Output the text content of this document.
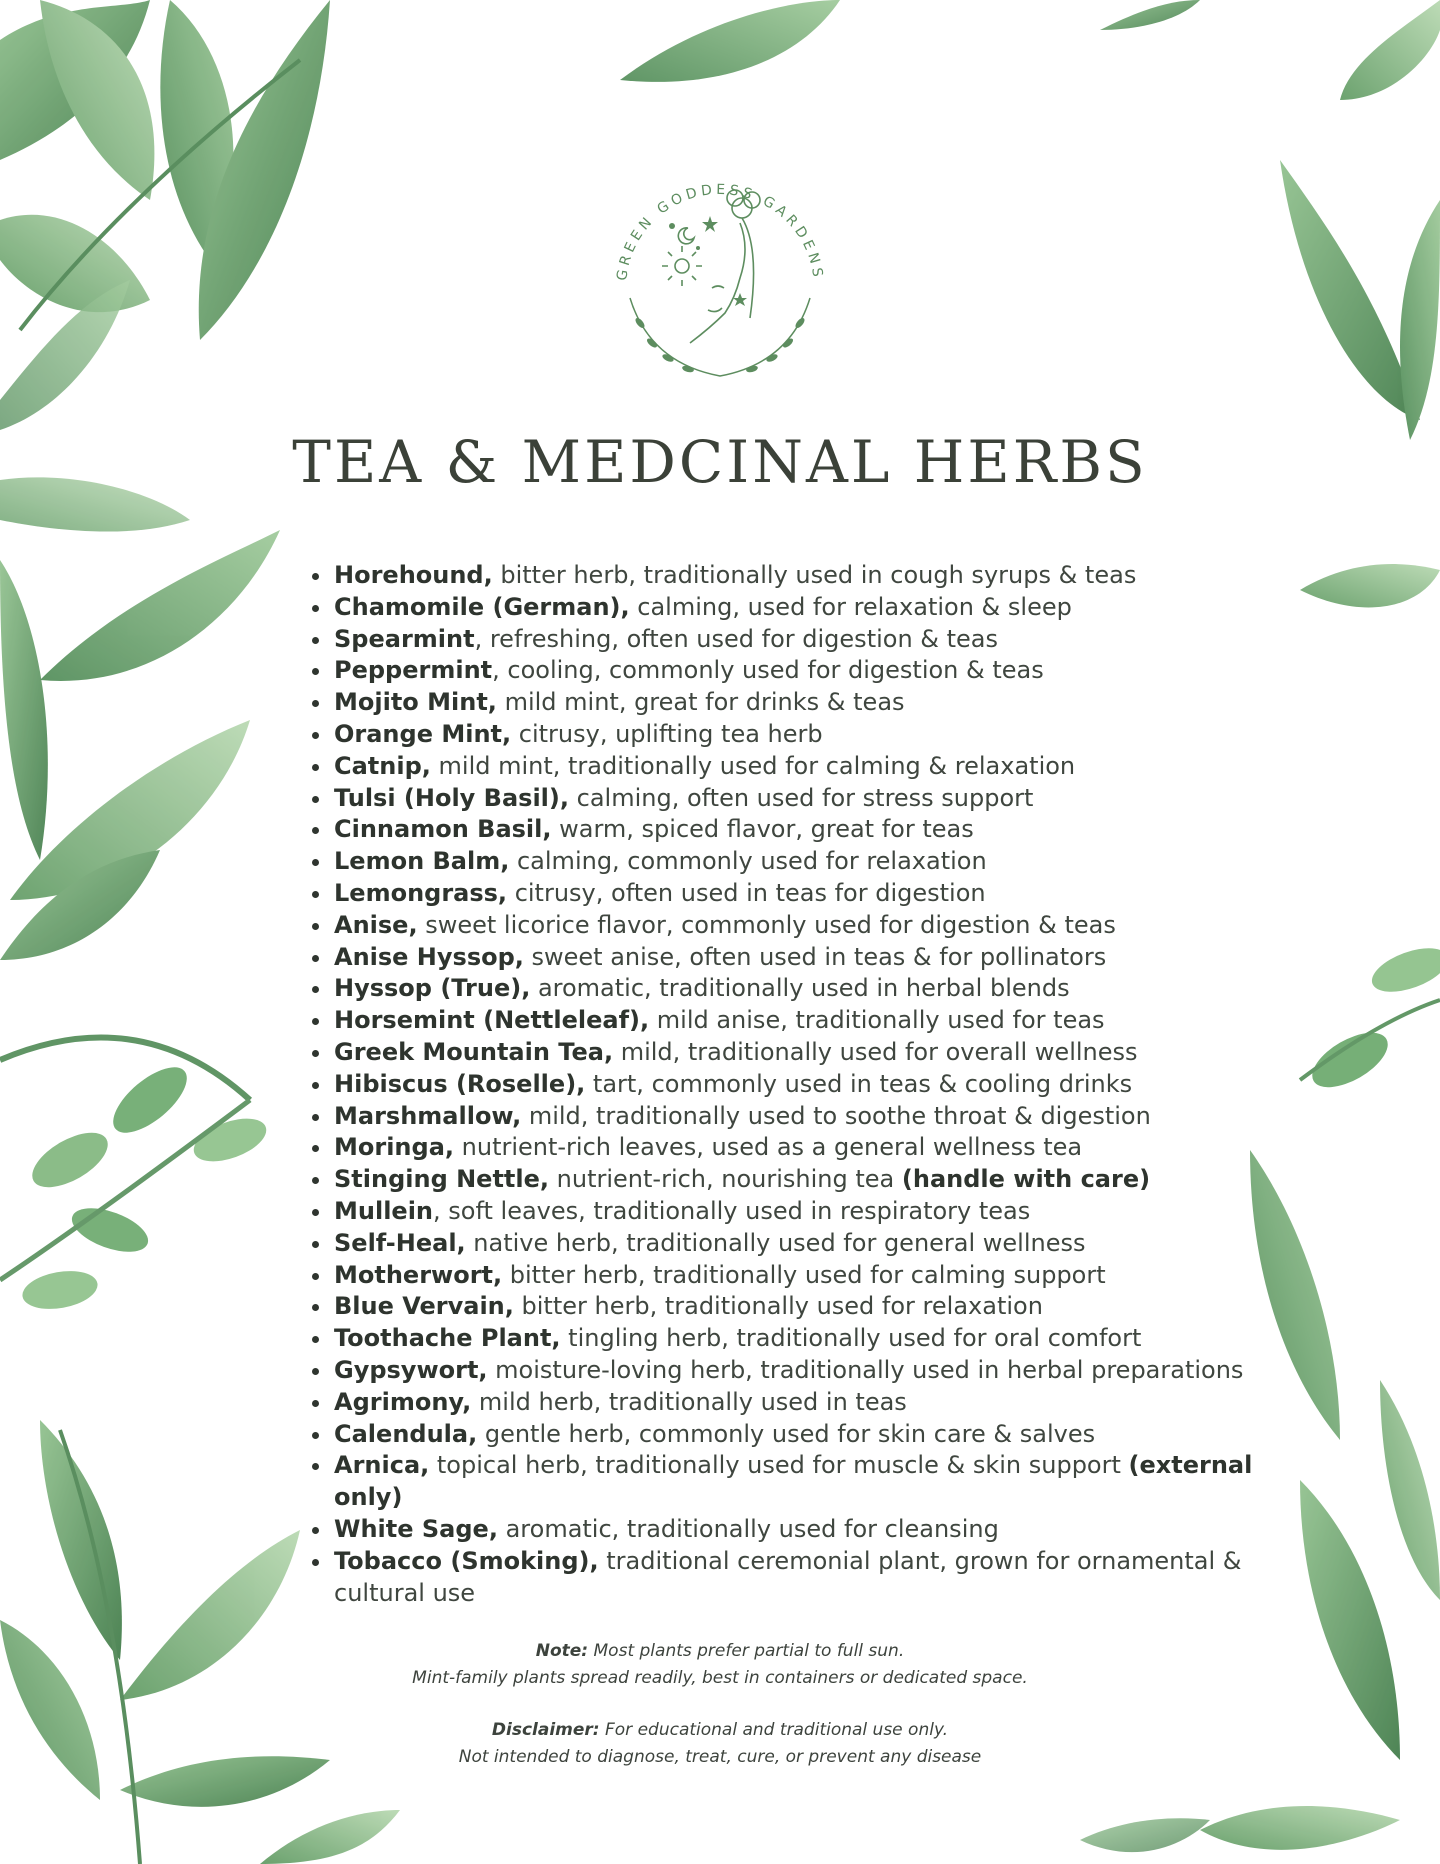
GREEN GODDESS GARDENS
TEA & MEDCINAL HERBS
Horehound, bitter herb, traditionally used in cough syrups & teas
Chamomile (German), calming, used for relaxation & sleep
Spearmint, refreshing, often used for digestion & teas
Peppermint, cooling, commonly used for digestion & teas
Mojito Mint, mild mint, great for drinks & teas
Orange Mint, citrusy, uplifting tea herb
Catnip, mild mint, traditionally used for calming & relaxation
Tulsi (Holy Basil), calming, often used for stress support
Cinnamon Basil, warm, spiced flavor, great for teas
Lemon Balm, calming, commonly used for relaxation
Lemongrass, citrusy, often used in teas for digestion
Anise, sweet licorice flavor, commonly used for digestion & teas
Anise Hyssop, sweet anise, often used in teas & for pollinators
Hyssop (True), aromatic, traditionally used in herbal blends
Horsemint (Nettleleaf), mild anise, traditionally used for teas
Greek Mountain Tea, mild, traditionally used for overall wellness
Hibiscus (Roselle), tart, commonly used in teas & cooling drinks
Marshmallow, mild, traditionally used to soothe throat & digestion
Moringa, nutrient-rich leaves, used as a general wellness tea
Stinging Nettle, nutrient-rich, nourishing tea (handle with care)
Mullein, soft leaves, traditionally used in respiratory teas
Self-Heal, native herb, traditionally used for general wellness
Motherwort, bitter herb, traditionally used for calming support
Blue Vervain, bitter herb, traditionally used for relaxation
Toothache Plant, tingling herb, traditionally used for oral comfort
Gypsywort, moisture-loving herb, traditionally used in herbal preparations
Agrimony, mild herb, traditionally used in teas
Calendula, gentle herb, commonly used for skin care & salves
Arnica, topical herb, traditionally used for muscle & skin support (external only)
White Sage, aromatic, traditionally used for cleansing
Tobacco (Smoking), traditional ceremonial plant, grown for ornamental & cultural use
Note: Most plants prefer partial to full sun.
Mint-family plants spread readily, best in containers or dedicated space.
Disclaimer: For educational and traditional use only.
Not intended to diagnose, treat, cure, or prevent any disease
